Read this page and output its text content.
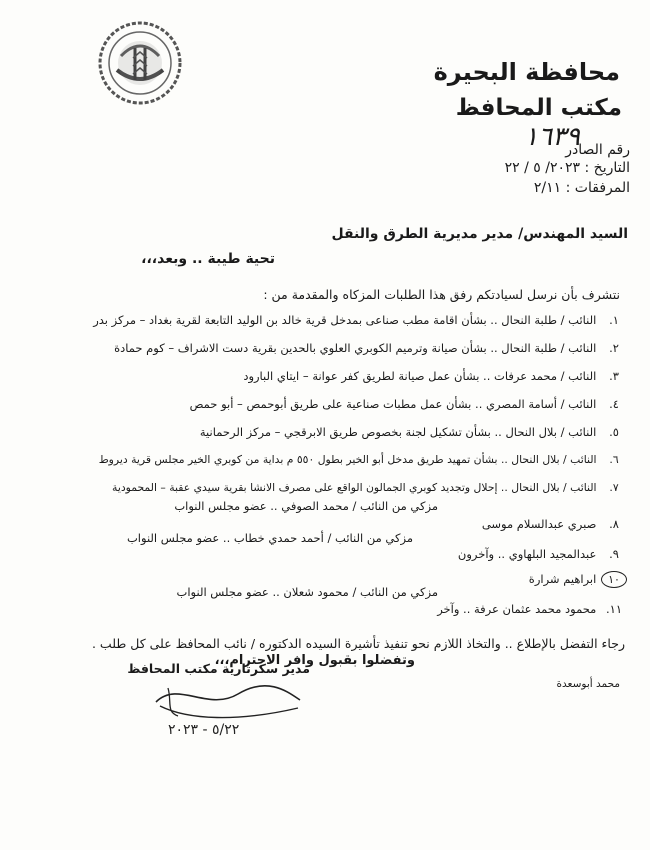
محافظة البحيرة
مكتب المحافظ
١٦٣٩
رقم الصادر
التاريخ : ٢٠٢٣/ ٥ / ٢٢
المرفقات : ٢/١١
السيد المهندس/ مدير مديرية الطرق والنقل
تحية طيبة .. وبعد،،،
نتشرف بأن نرسل لسيادتكم رفق هذا الطلبات المزكاه والمقدمة من :
١. النائب / طلبة النحال .. بشأن اقامة مطب صناعى بمدخل قرية خالد بن الوليد التابعة لقرية بغداد – مركز بدر
٢. النائب / طلبة النحال .. بشأن صيانة وترميم الكوبري العلوي بالحدين بقرية دست الاشراف – كوم حمادة
٣. النائب / محمد عرفات .. بشأن عمل صيانة لطريق كفر عوانة – ايتاي البارود
٤. النائب / أسامة المصري .. بشأن عمل مطبات صناعية على طريق أبوحمص – أبو حمص
٥. النائب / بلال النحال .. بشأن تشكيل لجنة بخصوص طريق الابرقجي – مركز الرحمانية
٦. النائب / بلال النحال .. بشأن تمهيد طريق مدخل أبو الخير بطول ٥٥٠ م بداية من كوبري الخير مجلس قرية ديروط
٧. النائب / بلال النحال .. إحلال وتجديد كوبري الجمالون الواقع على مصرف الانشا بقرية سيدي عقبة – المحمودية
مزكي من النائب / محمد الصوفي .. عضو مجلس النواب
٨. صبري عبدالسلام موسى
مزكي من النائب / أحمد حمدي خطاب .. عضو مجلس النواب
٩. عبدالمجيد البلهاوي .. وآخرون
١٠ ابراهيم شرارة
مزكي من النائب / محمود شعلان .. عضو مجلس النواب
١١. محمود محمد عثمان عرفة .. وآخر
رجاء التفضل بالإطلاع .. والتخاذ اللازم نحو تنفيذ تأشيرة السيده الدكتوره / نائب المحافظ على كل طلب .
وتفضلوا بقبول وافر الاحترام،،،
مدير سكرتارية مكتب المحافظ
محمد أبوسعدة
٥/٢٢ - ٢٠٢٣
